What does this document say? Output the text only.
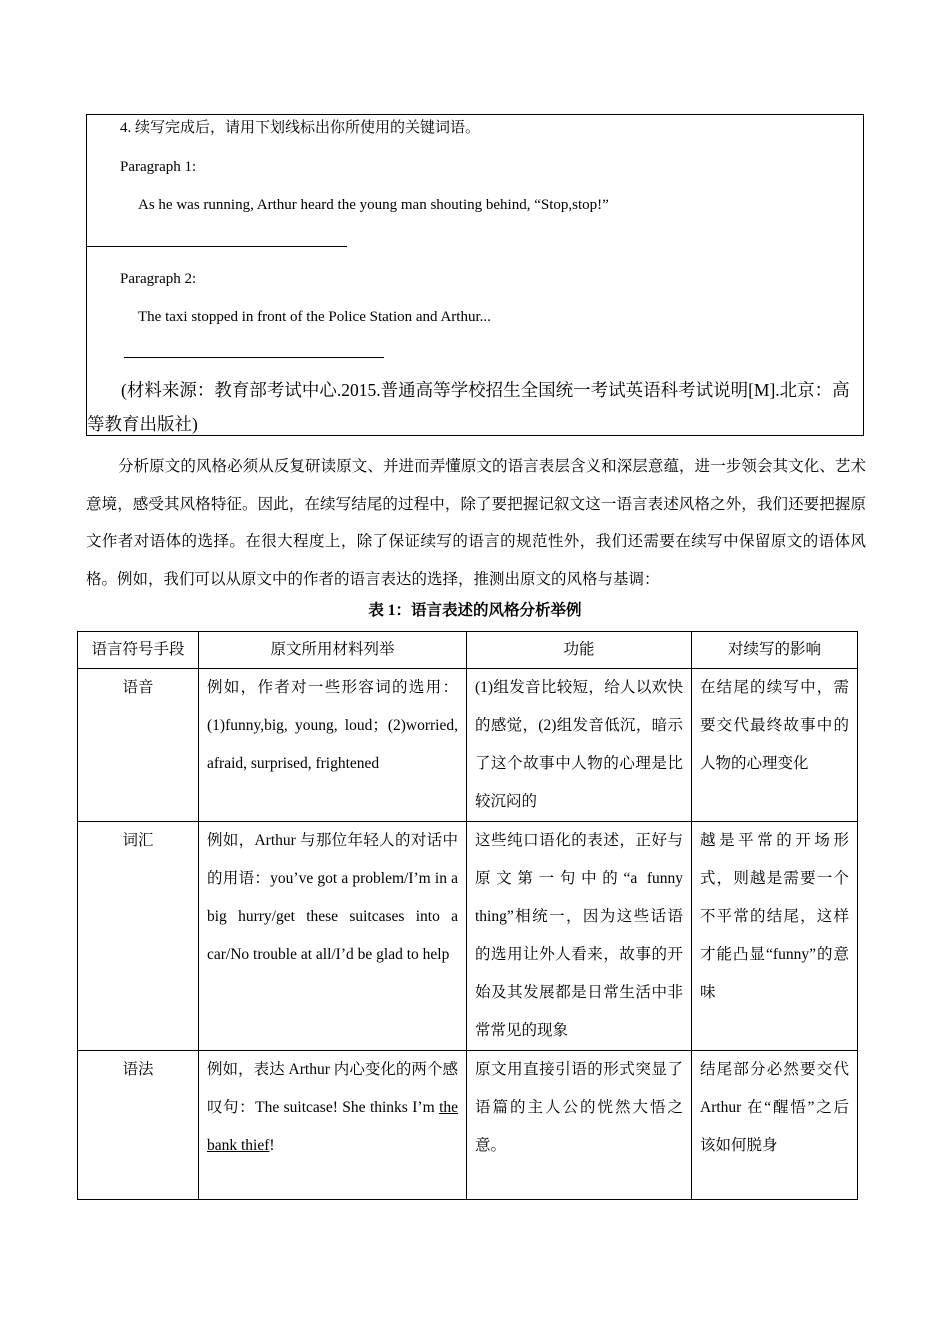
4. 续写完成后，请用下划线标出你所使用的关键词语。
Paragraph 1:
As he was running, Arthur heard the young man shouting behind, “Stop,stop!”
Paragraph 2:
The taxi stopped in front of the Police Station and Arthur...
(材料来源：教育部考试中心.2015.普通高等学校招生全国统一考试英语科考试说明[M].北京：高等教育出版社)
分析原文的风格必须从反复研读原文、并进而弄懂原文的语言表层含义和深层意蕴，进一步领会其文化、艺术意境，感受其风格特征。因此，在续写结尾的过程中，除了要把握记叙文这一语言表述风格之外，我们还要把握原文作者对语体的选择。在很大程度上，除了保证续写的语言的规范性外，我们还需要在续写中保留原文的语体风格。例如，我们可以从原文中的作者的语言表达的选择，推测出原文的风格与基调：
表 1：语言表述的风格分析举例
语言符号手段	原文所用材料列举	功能	对续写的影响
语音	例如，作者对一些形容词的选用：(1)funny,big, young, loud；(2)worried, afraid, surprised, frightened	(1)组发音比较短，给人以欢快的感觉，(2)组发音低沉，暗示了这个故事中人物的心理是比较沉闷的	在结尾的续写中，需要交代最终故事中的人物的心理变化
词汇	例如，Arthur 与那位年轻人的对话中的用语：you’ve got a problem/I’m in a big hurry/get these suitcases into a car/No trouble at all/I’d be glad to help	这些纯口语化的表述，正好与原文第一句中的“a funny thing”相统一，因为这些话语的选用让外人看来，故事的开始及其发展都是日常生活中非常常见的现象	越是平常的开场形式，则越是需要一个不平常的结尾，这样才能凸显“funny”的意味
语法	例如，表达 Arthur 内心变化的两个感叹句：The suitcase! She thinks I’m the bank thief!	原文用直接引语的形式突显了语篇的主人公的恍然大悟之意。	结尾部分必然要交代 Arthur 在“醒悟”之后该如何脱身
